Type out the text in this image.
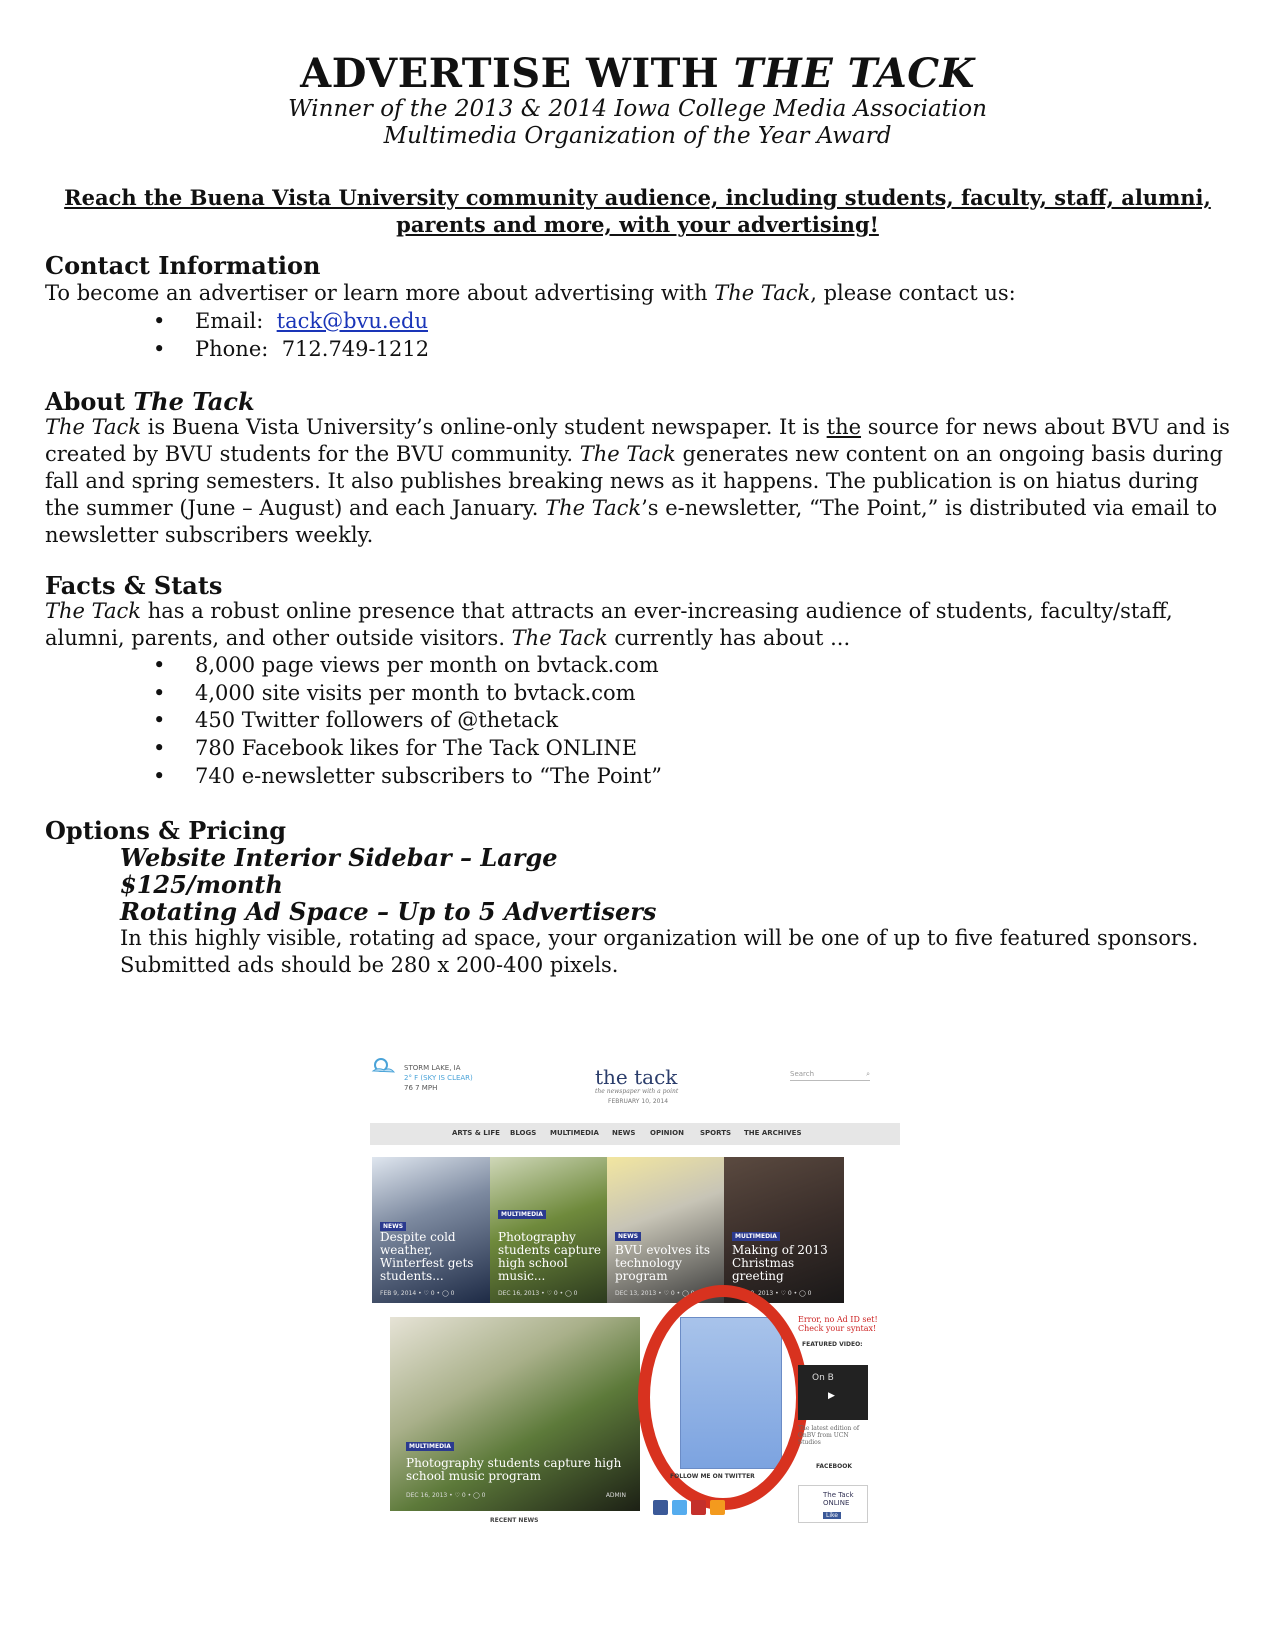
ADVERTISE WITH THE TACK
Winner of the 2013 & 2014 Iowa College Media Association
Multimedia Organization of the Year Award
Reach the Buena Vista University community audience, including students, faculty, staff, alumni, parents and more, with your advertising!
Contact Information
To become an advertiser or learn more about advertising with The Tack, please contact us:
• Email: tack@bvu.edu
• Phone: 712.749-1212
About The Tack
The Tack is Buena Vista University’s online-only student newspaper. It is the source for news about BVU and is created by BVU students for the BVU community. The Tack generates new content on an ongoing basis during fall and spring semesters. It also publishes breaking news as it happens. The publication is on hiatus during the summer (June – August) and each January. The Tack’s e-newsletter, “The Point,” is distributed via email to newsletter subscribers weekly.
Facts & Stats
The Tack has a robust online presence that attracts an ever-increasing audience of students, faculty/staff, alumni, parents, and other outside visitors. The Tack currently has about ...
• 8,000 page views per month on bvtack.com
• 4,000 site visits per month to bvtack.com
• 450 Twitter followers of @thetack
• 780 Facebook likes for The Tack ONLINE
• 740 e-newsletter subscribers to “The Point”
Options & Pricing
Website Interior Sidebar – Large
$125/month
Rotating Ad Space – Up to 5 Advertisers
In this highly visible, rotating ad space, your organization will be one of up to five featured sponsors. Submitted ads should be 280 x 200-400 pixels.
STORM LAKE, IA
2° F (SKY IS CLEAR)
76 7 MPH	the tack
the newspaper with a point
FEBRUARY 10, 2014
Search	⌕
ARTS & LIFE BLOGS MULTIMEDIA NEWS OPINION SPORTS THE ARCHIVES
NEWS
Despite cold weather, Winterfest gets students...
FEB 9, 2014 • ♡ 0 • ◯ 0
MULTIMEDIA
Photography students capture high school music...
DEC 16, 2013 • ♡ 0 • ◯ 0
NEWS
BVU evolves its technology program
DEC 13, 2013 • ♡ 0 • ◯ 0
MULTIMEDIA
Making of 2013 Christmas greeting
DEC 10, 2013 • ♡ 0 • ◯ 0
MULTIMEDIA
Photography students capture high school music program
DEC 16, 2013 • ♡ 0 • ◯ 0	ADMIN
Error, no Ad ID set! Check your syntax!
FEATURED VIDEO:
On B
▶
The latest edition of OnBV from UCN Studios
FOLLOW ME ON TWITTER
FACEBOOK
The Tack ONLINE
Like
RECENT NEWS
